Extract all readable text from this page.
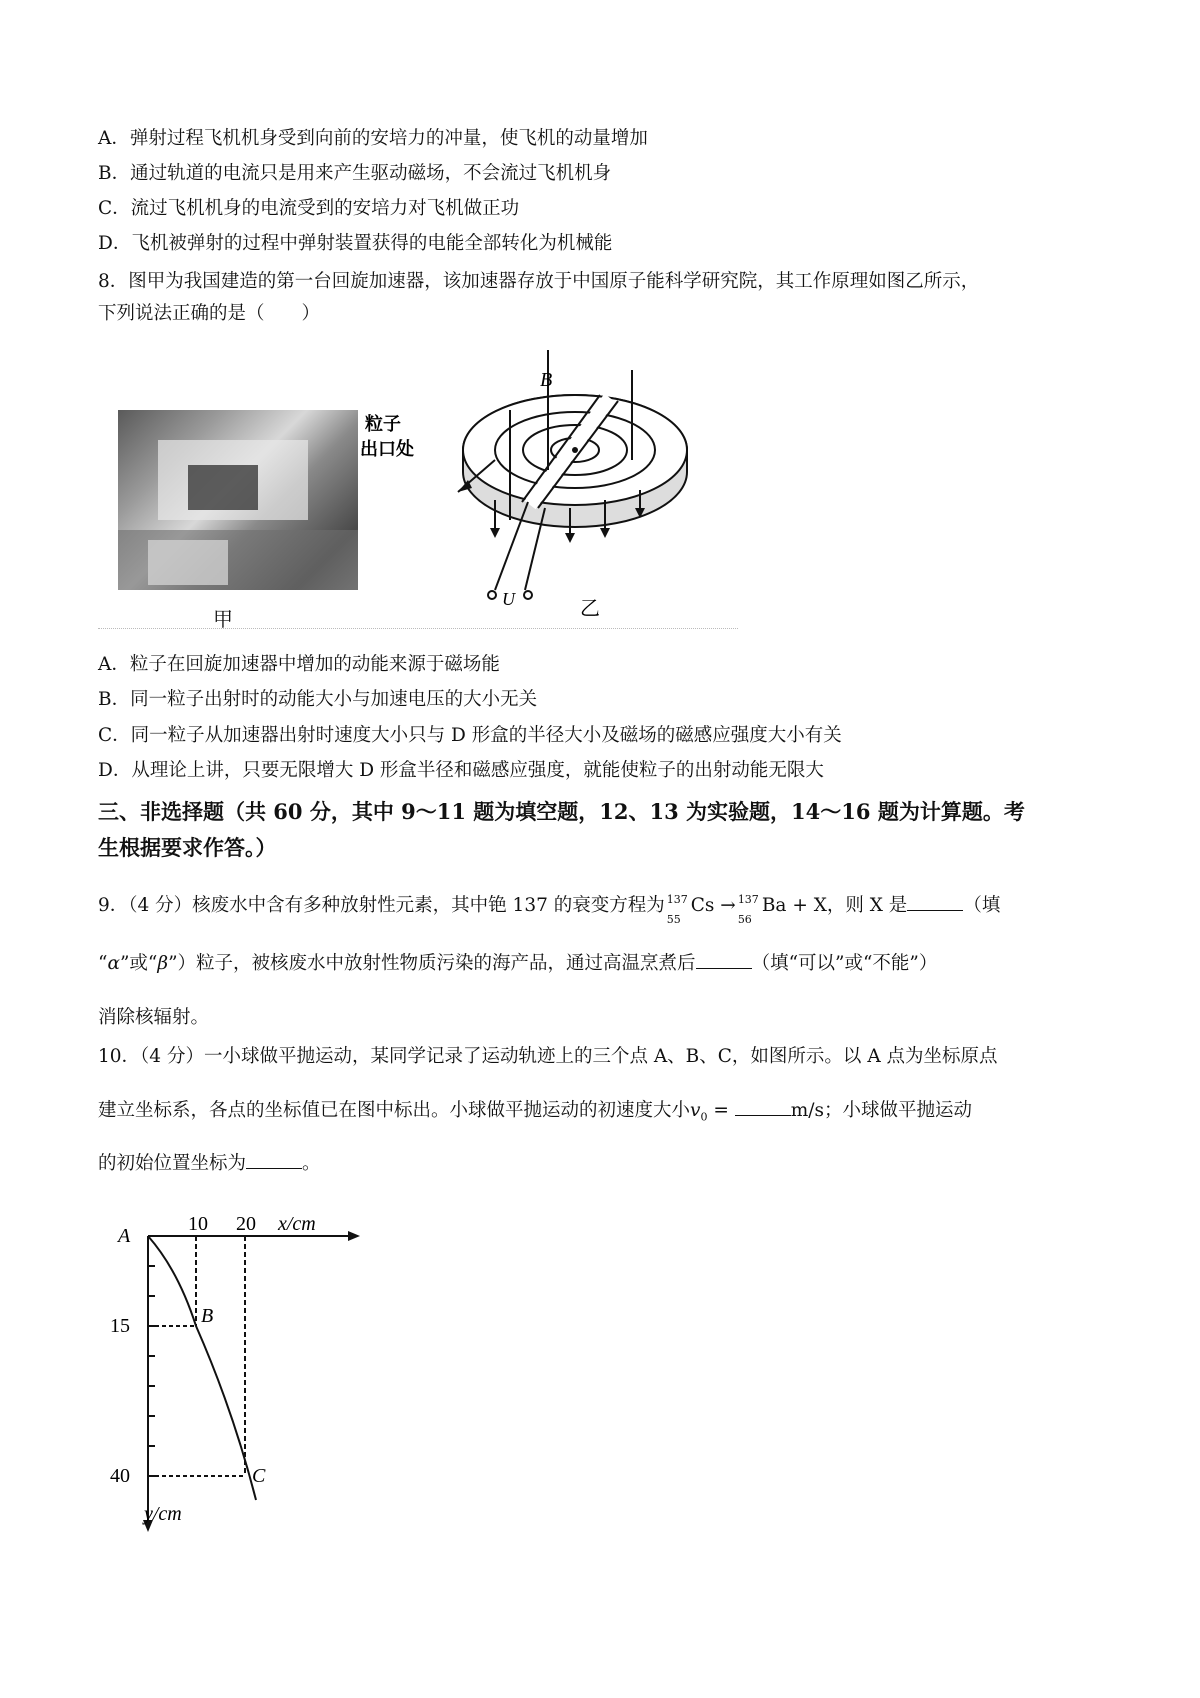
A．弹射过程飞机机身受到向前的安培力的冲量，使飞机的动量增加
B．通过轨道的电流只是用来产生驱动磁场，不会流过飞机机身
C．流过飞机机身的电流受到的安培力对飞机做正功
D．飞机被弹射的过程中弹射装置获得的电能全部转化为机械能
8．图甲为我国建造的第一台回旋加速器，该加速器存放于中国原子能科学研究院，其工作原理如图乙所示，
下列说法正确的是（　　）
甲
B
粒子
出口处
U	乙
A．粒子在回旋加速器中增加的动能来源于磁场能
B．同一粒子出射时的动能大小与加速电压的大小无关
C．同一粒子从加速器出射时速度大小只与 D 形盒的半径大小及磁场的磁感应强度大小有关
D．从理论上讲，只要无限增大 D 形盒半径和磁感应强度，就能使粒子的出射动能无限大
三、非选择题（共 60 分，其中 9～11 题为填空题，12、13 为实验题，14～16 题为计算题。考
生根据要求作答。）
9．（4 分）核废水中含有多种放射性元素，其中铯 137 的衰变方程为 137
55
Cs → 137
56
Ba + X，则 X 是	（填
“α”或“β”）粒子，被核废水中放射性物质污染的海产品，通过高温烹煮后	（填“可以”或“不能”）
消除核辐射。
10．（4 分）一小球做平抛运动，某同学记录了运动轨迹上的三个点 A、B、C，如图所示。以 A 点为坐标原点
建立坐标系，各点的坐标值已在图中标出。小球做平抛运动的初速度大小$v_0$ =	m/s；小球做平抛运动
的初始位置坐标为	。
A
10 20 x/cm
15
40
B
C
y/cm
